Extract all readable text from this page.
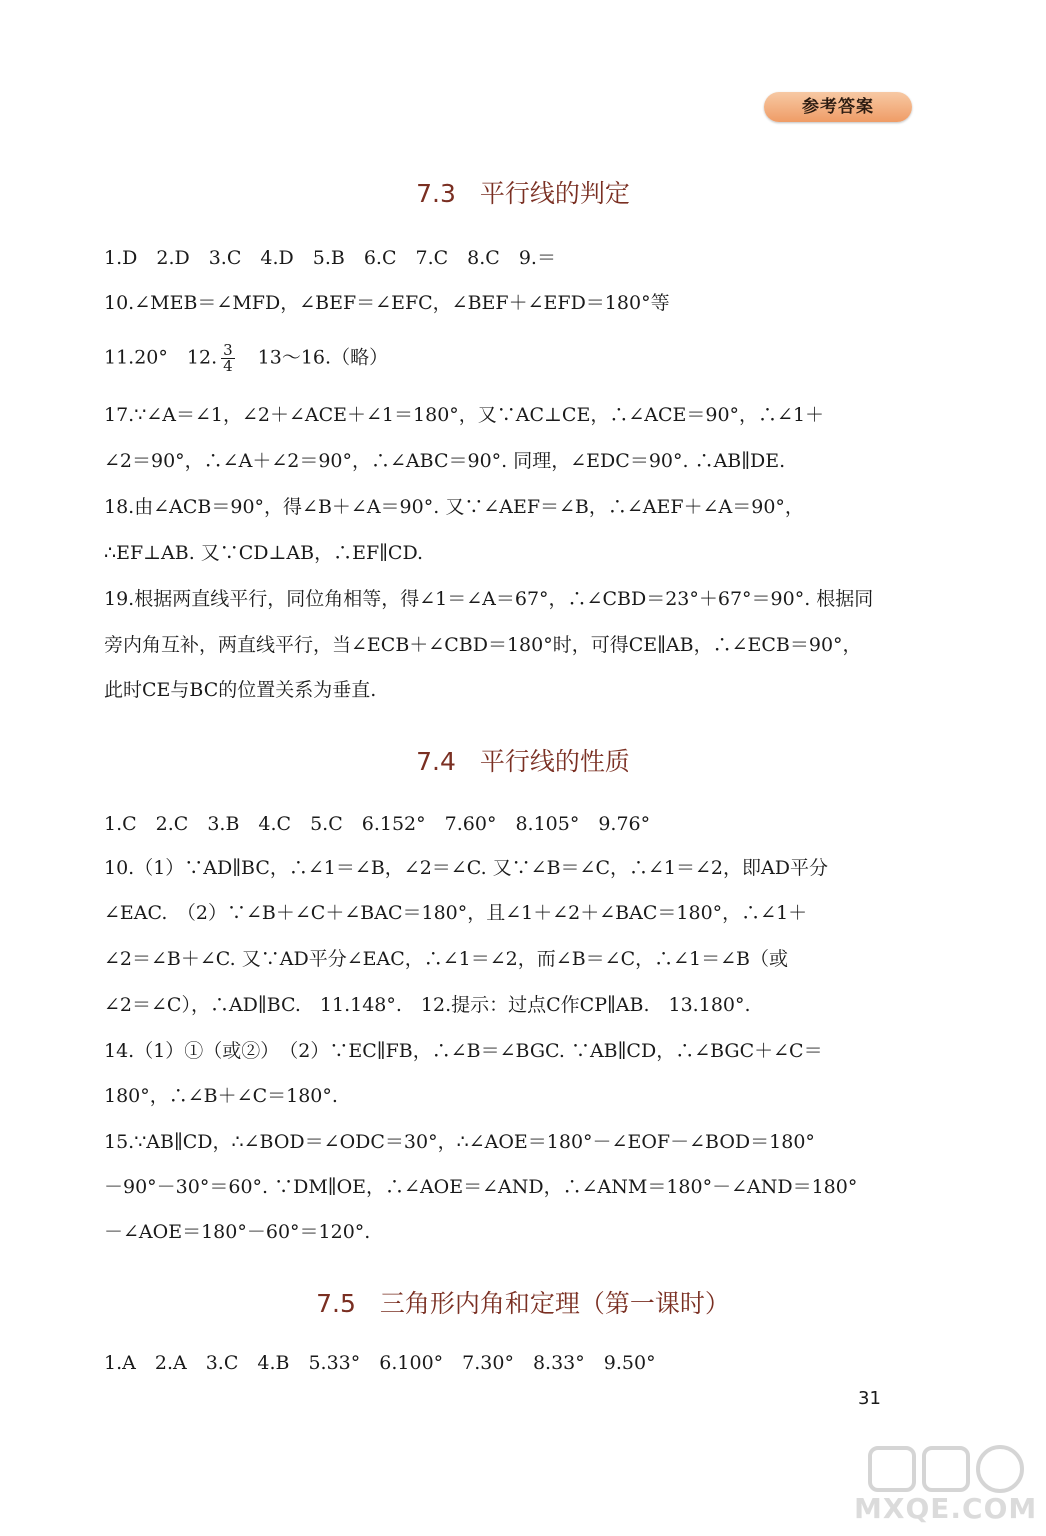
参考答案
7.3 平行线的判定
1.D　2.D　3.C　4.D　5.B　6.C　7.C　8.C　9.＝
10.∠MEB＝∠MFD，∠BEF＝∠EFC，∠BEF＋∠EFD＝180°等
11.20°　12. $\frac{3}{4}$ 　13～16.（略）
17.∵∠A＝∠1，∠2＋∠ACE＋∠1＝180°，又∵AC⊥CE，∴∠ACE＝90°，∴∠1＋
∠2＝90°，∴∠A＋∠2＝90°，∴∠ABC＝90°. 同理，∠EDC＝90°. ∴AB∥DE.
18.由∠ACB＝90°，得∠B＋∠A＝90°. 又∵∠AEF＝∠B，∴∠AEF＋∠A＝90°，
∴EF⊥AB. 又∵CD⊥AB，∴EF∥CD.
19.根据两直线平行，同位角相等，得∠1＝∠A＝67°，∴∠CBD＝23°＋67°＝90°. 根据同
旁内角互补，两直线平行，当∠ECB＋∠CBD＝180°时，可得CE∥AB，∴∠ECB＝90°，
此时CE与BC的位置关系为垂直.
7.4 平行线的性质
1.C　2.C　3.B　4.C　5.C　6.152°　7.60°　8.105°　9.76°
10.（1）∵AD∥BC，∴∠1＝∠B，∠2＝∠C. 又∵∠B＝∠C，∴∠1＝∠2，即AD平分
∠EAC.　（2）∵∠B＋∠C＋∠BAC＝180°，且∠1＋∠2＋∠BAC＝180°，∴∠1＋
∠2＝∠B＋∠C. 又∵AD平分∠EAC，∴∠1＝∠2，而∠B＝∠C，∴∠1＝∠B（或
∠2＝∠C），∴AD∥BC.　11.148°.　12.提示：过点C作CP∥AB.　13.180°.
14.（1）①（或②）　（2）∵EC∥FB，∴∠B＝∠BGC. ∵AB∥CD，∴∠BGC＋∠C＝
180°，∴∠B＋∠C＝180°.
15.∵AB∥CD，∴∠BOD＝∠ODC＝30°，∴∠AOE＝180°－∠EOF－∠BOD＝180°
－90°－30°＝60°. ∵DM∥OE，∴∠AOE＝∠AND，∴∠ANM＝180°－∠AND＝180°
－∠AOE＝180°－60°＝120°.
7.5 三角形内角和定理（第一课时）
1.A　2.A　3.C　4.B　5.33°　6.100°　7.30°　8.33°　9.50°
31
MXQE.COM
